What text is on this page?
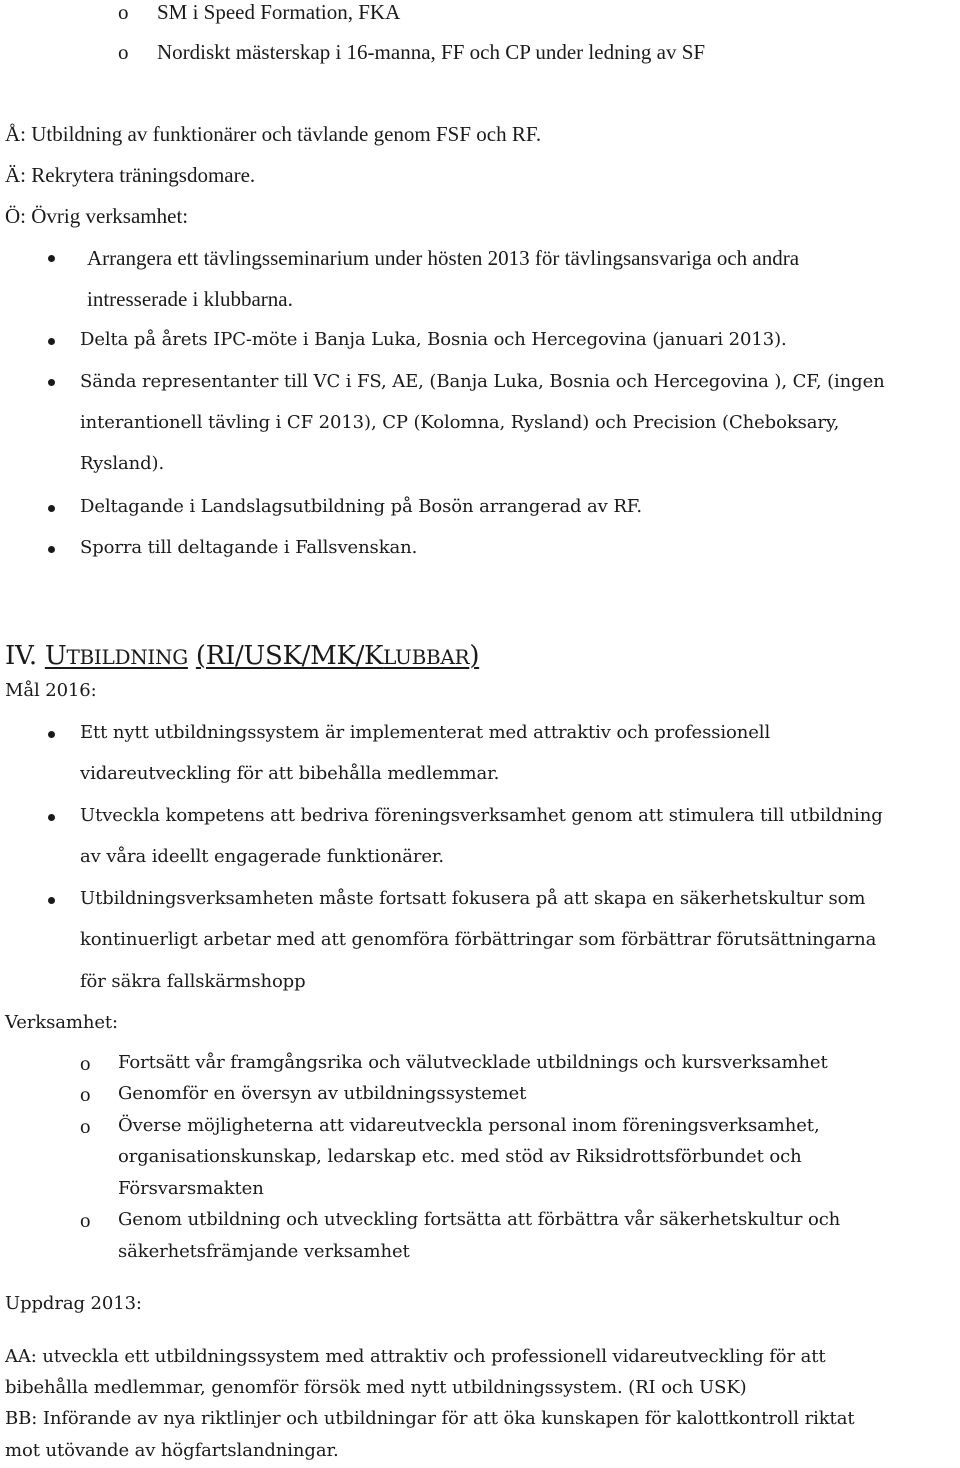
o SM i Speed Formation, FKA
o Nordiskt mästerskap i 16-manna, FF och CP under ledning av SF
Å: Utbildning av funktionärer och tävlande genom FSF och RF.
Ä: Rekrytera träningsdomare.
Ö: Övrig verksamhet:
Arrangera ett tävlingsseminarium under hösten 2013 för tävlingsansvariga och andra
intresserade i klubbarna.
Delta på årets IPC-möte i Banja Luka, Bosnia och Hercegovina (januari 2013).
Sända representanter till VC i FS, AE, (Banja Luka, Bosnia och Hercegovina ), CF, (ingen
interantionell tävling i CF 2013), CP (Kolomna, Rysland) och Precision (Cheboksary,
Rysland).
Deltagande i Landslagsutbildning på Bosön arrangerad av RF.
Sporra till deltagande i Fallsvenskan.
IV. UTBILDNING (RI/USK/MK/KLUBBAR)
Mål 2016:
Ett nytt utbildningssystem är implementerat med attraktiv och professionell
vidareutveckling för att bibehålla medlemmar.
Utveckla kompetens att bedriva föreningsverksamhet genom att stimulera till utbildning
av våra ideellt engagerade funktionärer.
Utbildningsverksamheten måste fortsatt fokusera på att skapa en säkerhetskultur som
kontinuerligt arbetar med att genomföra förbättringar som förbättrar förutsättningarna
för säkra fallskärmshopp
Verksamhet:
o Fortsätt vår framgångsrika och välutvecklade utbildnings och kursverksamhet
o Genomför en översyn av utbildningssystemet
o Överse möjligheterna att vidareutveckla personal inom föreningsverksamhet,
organisationskunskap, ledarskap etc. med stöd av Riksidrottsförbundet och
Försvarsmakten
o Genom utbildning och utveckling fortsätta att förbättra vår säkerhetskultur och
säkerhetsfrämjande verksamhet
Uppdrag 2013:
AA: utveckla ett utbildningssystem med attraktiv och professionell vidareutveckling för att
bibehålla medlemmar, genomför försök med nytt utbildningssystem. (RI och USK)
BB: Införande av nya riktlinjer och utbildningar för att öka kunskapen för kalottkontroll riktat
mot utövande av högfartslandningar.
